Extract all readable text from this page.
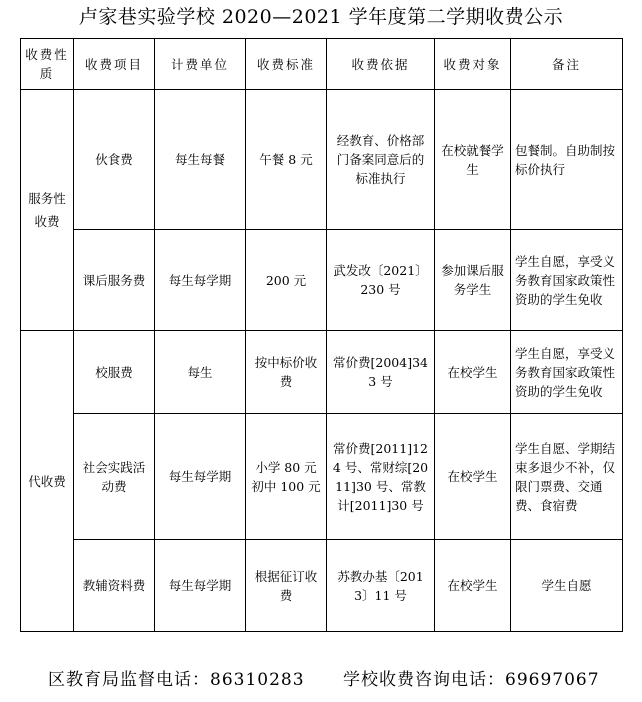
卢家巷实验学校 2020—2021 学年度第二学期收费公示
收费性质	收费项目	计费单位	收费标准	收费依据	收费对象	备注
服务性收费	伙食费	每生每餐	午餐 8 元	经教育、价格部门备案同意后的标准执行	在校就餐学生	包餐制。自助制按标价执行
	课后服务费	每生每学期	200 元	武发改〔2021〕230 号	参加课后服务学生	学生自愿，享受义务教育国家政策性资助的学生免收
代收费	校服费	每生	按中标价收费	常价费[2004]343 号	在校学生	学生自愿，享受义务教育国家政策性资助的学生免收
	社会实践活动费	每生每学期	小学 80 元 初中 100 元	常价费[2011]124 号、常财综[2011]30 号、常教计[2011]30 号	在校学生	学生自愿、学期结束多退少不补，仅限门票费、交通费、食宿费
	教辅资料费	每生每学期	根据征订收费	苏教办基〔2013〕11 号	在校学生	学生自愿
区教育局监督电话：86310283 学校收费咨询电话：69697067
